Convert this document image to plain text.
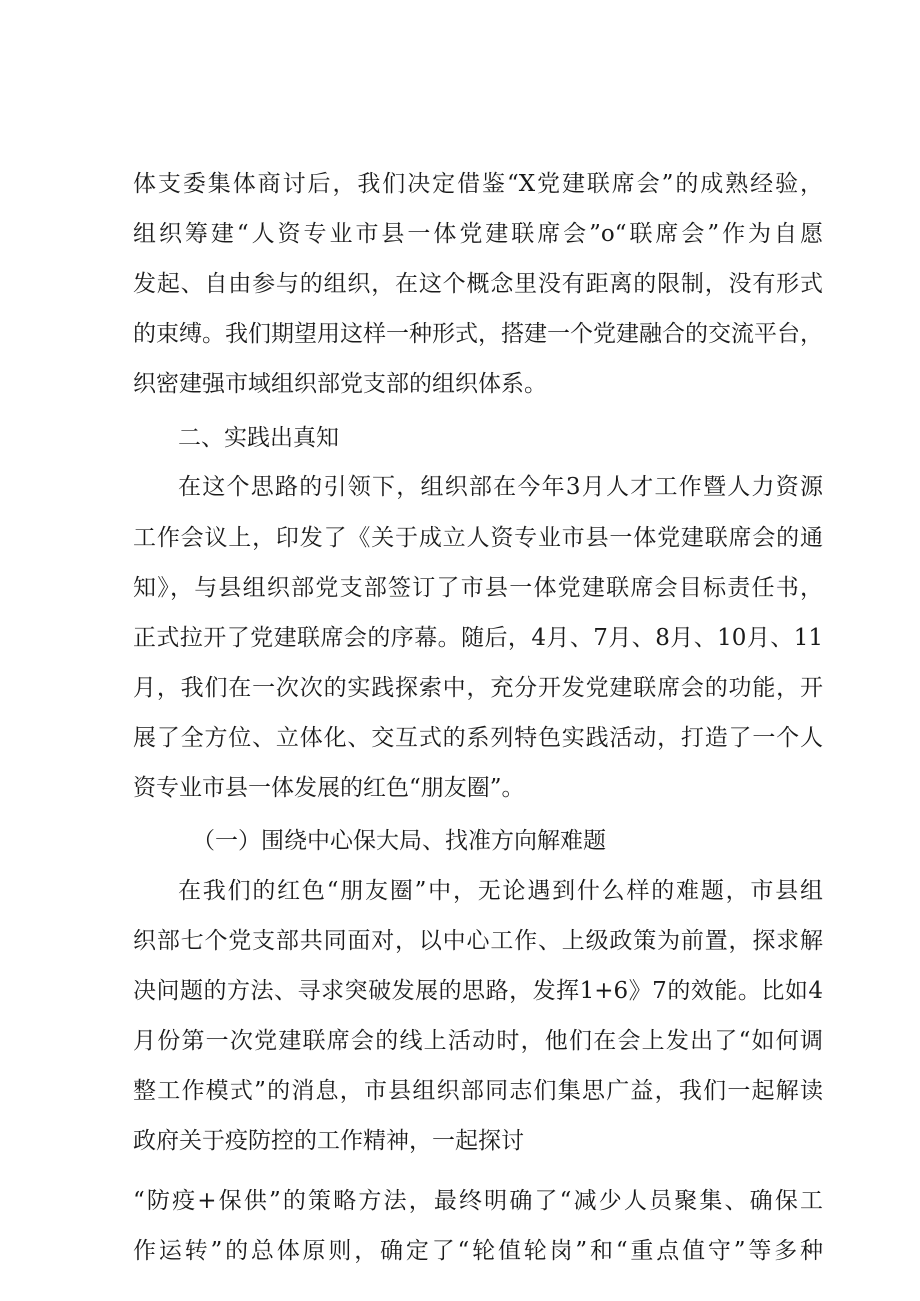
体支委集体商讨后，我们决定借鉴“X党建联席会”的成熟经验，
组织筹建“人资专业市县一体党建联席会”o“联席会”作为自愿
发起、自由参与的组织，在这个概念里没有距离的限制，没有形式
的束缚。我们期望用这样一种形式，搭建一个党建融合的交流平台，
织密建强市域组织部党支部的组织体系。
二、实践出真知
在这个思路的引领下，组织部在今年3月人才工作暨人力资源
工作会议上，印发了《关于成立人资专业市县一体党建联席会的通
知》，与县组织部党支部签订了市县一体党建联席会目标责任书，
正式拉开了党建联席会的序幕。随后，4月、7月、8月、10月、11
月，我们在一次次的实践探索中，充分开发党建联席会的功能，开
展了全方位、立体化、交互式的系列特色实践活动，打造了一个人
资专业市县一体发展的红色“朋友圈”。
（一）围绕中心保大局、找准方向解难题
在我们的红色“朋友圈”中，无论遇到什么样的难题，市县组
织部七个党支部共同面对，以中心工作、上级政策为前置，探求解
决问题的方法、寻求突破发展的思路，发挥1+6》7的效能。比如4
月份第一次党建联席会的线上活动时，他们在会上发出了“如何调
整工作模式”的消息，市县组织部同志们集思广益，我们一起解读
政府关于疫防控的工作精神，一起探讨
“防疫+保供”的策略方法，最终明确了“减少人员聚集、确保工
作运转”的总体原则，确定了“轮值轮岗”和“重点值守”等多种
